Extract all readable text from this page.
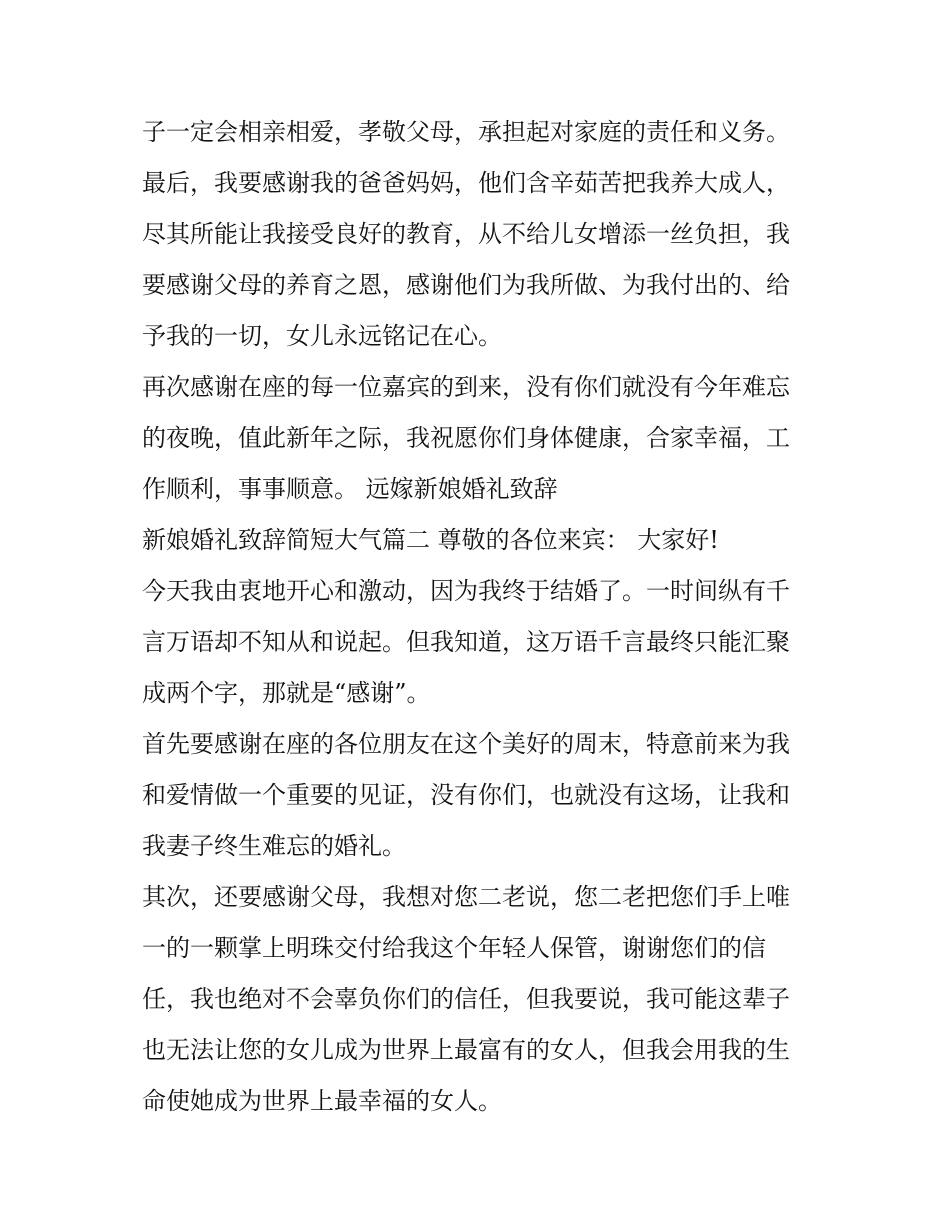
子一定会相亲相爱，孝敬父母，承担起对家庭的责任和义务。

最后，我要感谢我的爸爸妈妈，他们含辛茹苦把我养大成人，

尽其所能让我接受良好的教育，从不给儿女增添一丝负担，我

要感谢父母的养育之恩，感谢他们为我所做、为我付出的、给

予我的一切，女儿永远铭记在心。

再次感谢在座的每一位嘉宾的到来，没有你们就没有今年难忘

的夜晚，值此新年之际，我祝愿你们身体健康，合家幸福，工

作顺利，事事顺意。 远嫁新娘婚礼致辞

新娘婚礼致辞简短大气篇二 尊敬的各位来宾： 大家好!

今天我由衷地开心和激动，因为我终于结婚了。一时间纵有千

言万语却不知从和说起。但我知道，这万语千言最终只能汇聚

成两个字，那就是“感谢”。

首先要感谢在座的各位朋友在这个美好的周末，特意前来为我

和爱情做一个重要的见证，没有你们，也就没有这场，让我和

我妻子终生难忘的婚礼。

其次，还要感谢父母，我想对您二老说，您二老把您们手上唯

一的一颗掌上明珠交付给我这个年轻人保管，谢谢您们的信

任，我也绝对不会辜负你们的信任，但我要说，我可能这辈子

也无法让您的女儿成为世界上最富有的女人，但我会用我的生

命使她成为世界上最幸福的女人。
